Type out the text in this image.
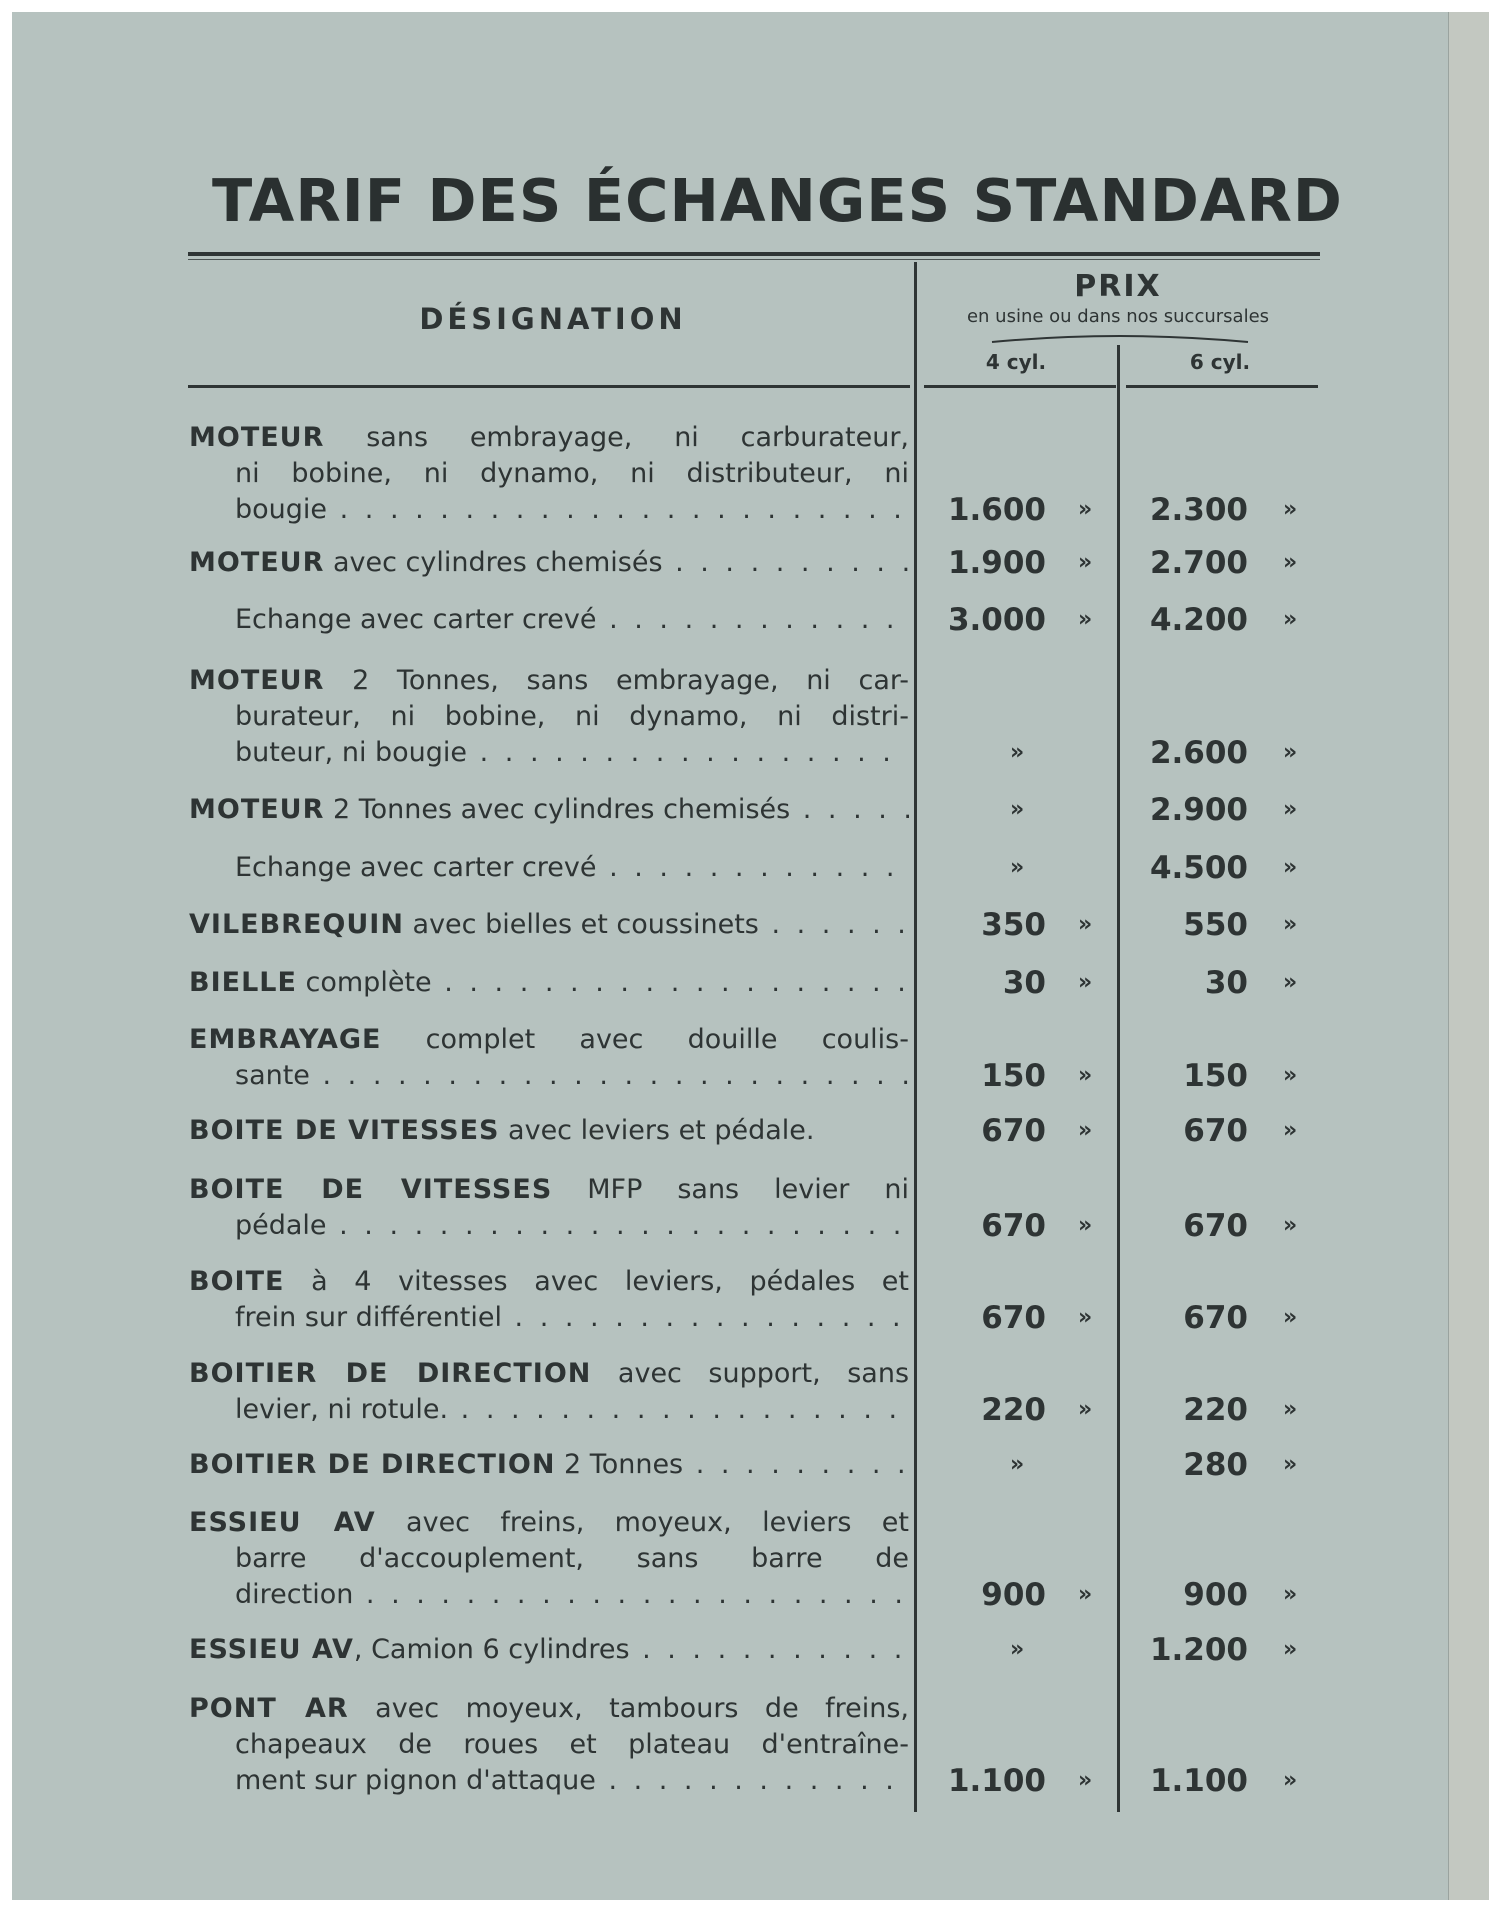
TARIF DES ÉCHANGES STANDARD
DÉSIGNATION
PRIX
en usine ou dans nos succursales
4 cyl.	6 cyl.
MOTEUR sans embrayage, ni carburateur,
ni bobine, ni dynamo, ni distributeur, ni
bougie . . .	1.600 »	2.300 »
MOTEUR avec cylindres chemisés . . .	1.900 »	2.700 »
Echange avec carter crevé . . .	3.000 »	4.200 »
MOTEUR 2 Tonnes, sans embrayage, ni car-
burateur, ni bobine, ni dynamo, ni distri-
buteur, ni bougie . . .	»	2.600 »
MOTEUR 2 Tonnes avec cylindres chemisés . . .	»	2.900 »
Echange avec carter crevé . . .	»	4.500 »
VILEBREQUIN avec bielles et coussinets . . .	350 »	550 »
BIELLE complète . . .	30 »	30 »
EMBRAYAGE complet avec douille coulis-
sante . . .	150 »	150 »
BOITE DE VITESSES avec leviers et pédale.	670 »	670 »
BOITE DE VITESSES MFP sans levier ni
pédale . . .	670 »	670 »
BOITE à 4 vitesses avec leviers, pédales et
frein sur différentiel . . .	670 »	670 »
BOITIER DE DIRECTION avec support, sans
levier, ni rotule. . . .	220 »	220 »
BOITIER DE DIRECTION 2 Tonnes . . .	»	280 »
ESSIEU AV avec freins, moyeux, leviers et
barre d'accouplement, sans barre de
direction . . .	900 »	900 »
ESSIEU AV, Camion 6 cylindres . . .	»	1.200 »
PONT AR avec moyeux, tambours de freins,
chapeaux de roues et plateau d'entraîne-
ment sur pignon d'attaque . . .	1.100 »	1.100 »
